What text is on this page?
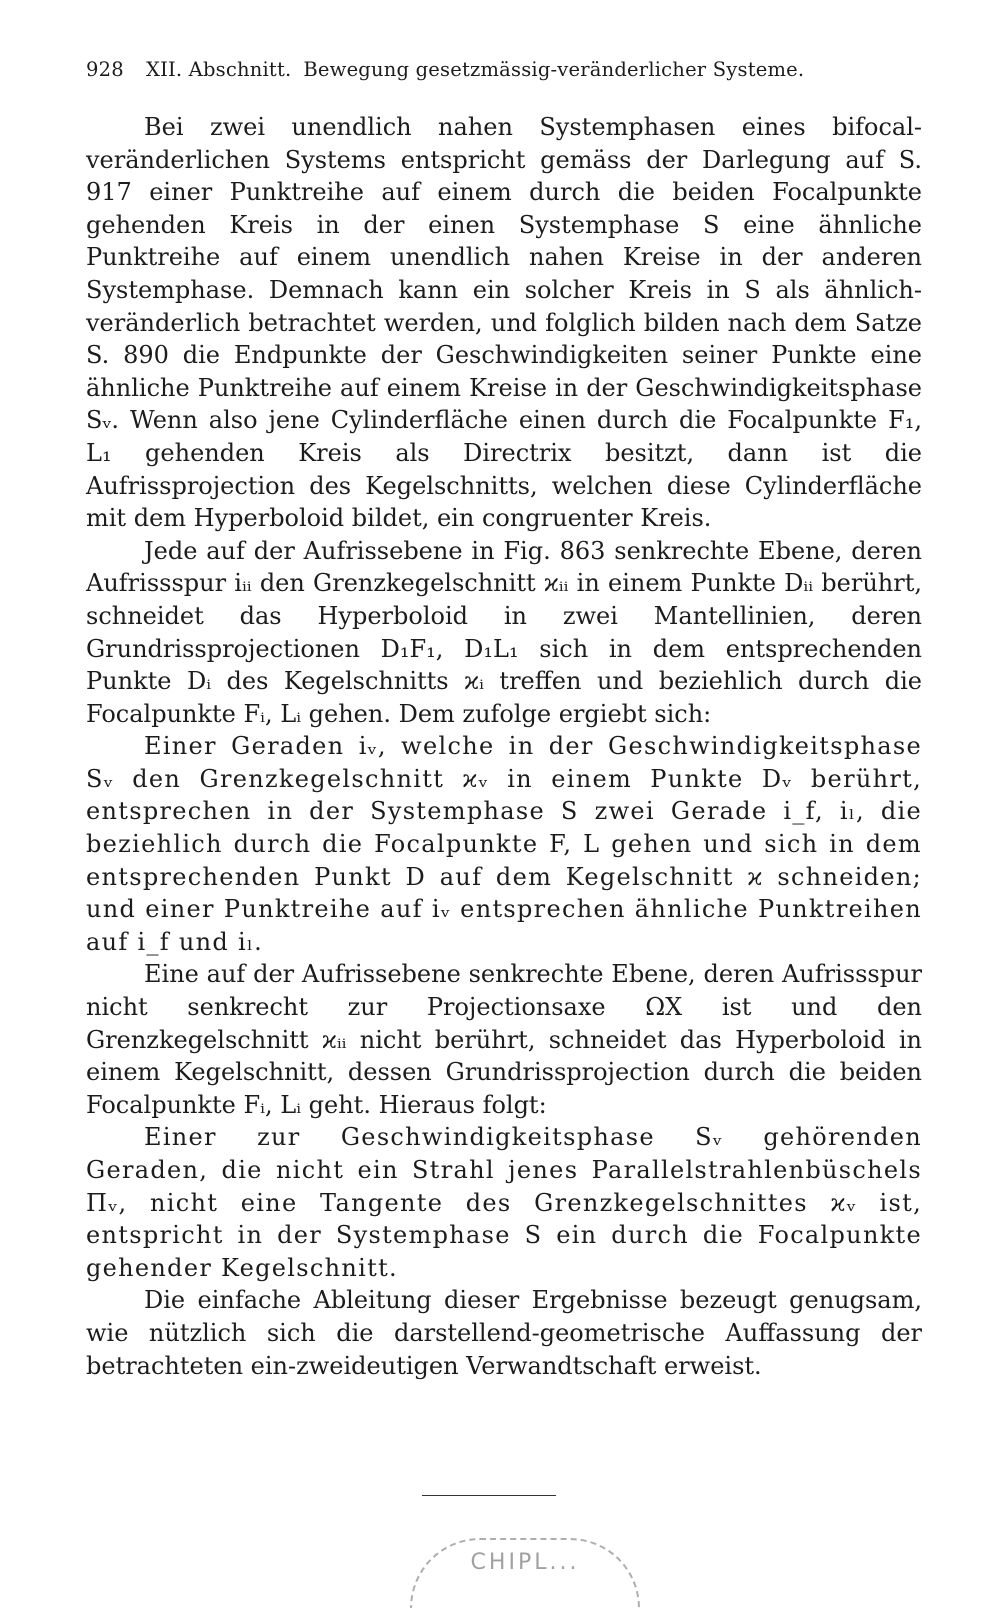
928	XII. Abschnitt. Bewegung gesetzmässig-veränderlicher Systeme.

Bei zwei unendlich nahen Systemphasen eines bifocal-veränderlichen Systems entspricht gemäss der Darlegung auf S. 917 einer Punktreihe auf einem durch die beiden Focalpunkte gehenden Kreis in der einen Systemphase S eine ähnliche Punktreihe auf einem unendlich nahen Kreise in der anderen Systemphase. Demnach kann ein solcher Kreis in S als ähnlich-veränderlich betrachtet werden, und folglich bilden nach dem Satze S. 890 die Endpunkte der Geschwindigkeiten seiner Punkte eine ähnliche Punktreihe auf einem Kreise in der Geschwindigkeitsphase Sᵥ. Wenn also jene Cylinderfläche einen durch die Focalpunkte F₁, L₁ gehenden Kreis als Directrix besitzt, dann ist die Aufrissprojection des Kegelschnitts, welchen diese Cylinderfläche mit dem Hyperboloid bildet, ein congruenter Kreis.

Jede auf der Aufrissebene in Fig. 863 senkrechte Ebene, deren Aufrissspur iᵢᵢ den Grenzkegelschnitt ϰᵢᵢ in einem Punkte Dᵢᵢ berührt, schneidet das Hyperboloid in zwei Mantellinien, deren Grundrissprojectionen D₁F₁, D₁L₁ sich in dem entsprechenden Punkte Dᵢ des Kegelschnitts ϰᵢ treffen und beziehlich durch die Focalpunkte Fᵢ, Lᵢ gehen. Dem zufolge ergiebt sich:

Einer Geraden iᵥ, welche in der Geschwindigkeitsphase Sᵥ den Grenzkegelschnitt ϰᵥ in einem Punkte Dᵥ berührt, entsprechen in der Systemphase S zwei Gerade i_f, iₗ, die beziehlich durch die Focalpunkte F, L gehen und sich in dem entsprechenden Punkt D auf dem Kegelschnitt ϰ schneiden; und einer Punktreihe auf iᵥ entsprechen ähnliche Punktreihen auf i_f und iₗ.

Eine auf der Aufrissebene senkrechte Ebene, deren Aufrissspur nicht senkrecht zur Projectionsaxe ΩX ist und den Grenzkegelschnitt ϰᵢᵢ nicht berührt, schneidet das Hyperboloid in einem Kegelschnitt, dessen Grundrissprojection durch die beiden Focalpunkte Fᵢ, Lᵢ geht. Hieraus folgt:

Einer zur Geschwindigkeitsphase Sᵥ gehörenden Geraden, die nicht ein Strahl jenes Parallelstrahlenbüschels Πᵥ, nicht eine Tangente des Grenzkegelschnittes ϰᵥ ist, entspricht in der Systemphase S ein durch die Focalpunkte gehender Kegelschnitt.

Die einfache Ableitung dieser Ergebnisse bezeugt genugsam, wie nützlich sich die darstellend-geometrische Auffassung der betrachteten ein-zweideutigen Verwandtschaft erweist.

CHIPL...
